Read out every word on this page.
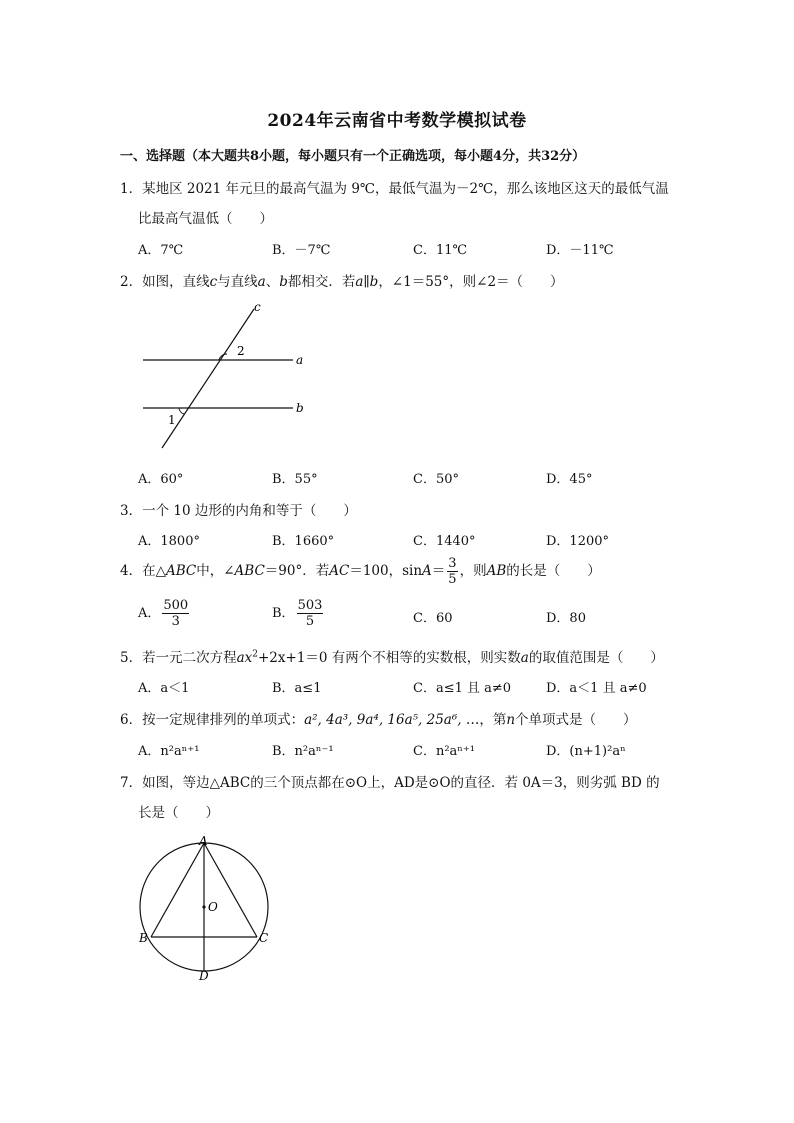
2024年云南省中考数学模拟试卷
一、选择题（本大题共8小题，每小题只有一个正确选项，每小题4分，共32分）
1．某地区 2021 年元旦的最高气温为 9℃，最低气温为－2℃，那么该地区这天的最低气温
比最高气温低（　　）
A．7℃	B．－7℃	C．11℃	D．－11℃
2．如图，直线c与直线a、b都相交．若a∥b，∠1＝55°，则∠2＝（　　）
c
a
b
2
1
A．60°	B．55°	C．50°	D．45°
3．一个 10 边形的内角和等于（　　）
A．1800°	B．1660°	C．1440°	D．1200°
4．在△ABC中，∠ABC＝90°．若AC＝100，$\sin A= \frac{3}{5}$ ，则AB的长是（　　）
A． $\frac{500}{3}$	B． $\frac{503}{5}$	C．60	D．80
5．若一元二次方程$ax^2+2x+1=0$ 有两个不相等的实数根，则实数a的取值范围是（　　）
A．a＜1	B．a≤1	C．a≤1 且 a≠0	D．a＜1 且 a≠0
6．按一定规律排列的单项式：a², 4a³, 9a⁴, 16a⁵, 25a⁶, …，第n个单项式是（　　）
A．n²aⁿ⁺¹	B．n²aⁿ⁻¹	C．n²aⁿ⁺¹	D．(n+1)²aⁿ
7．如图，等边△ABC的三个顶点都在⊙O上，AD是⊙O的直径．若 0A＝3，则劣弧 BD 的
长是（　　）
A
B	C
D
O
